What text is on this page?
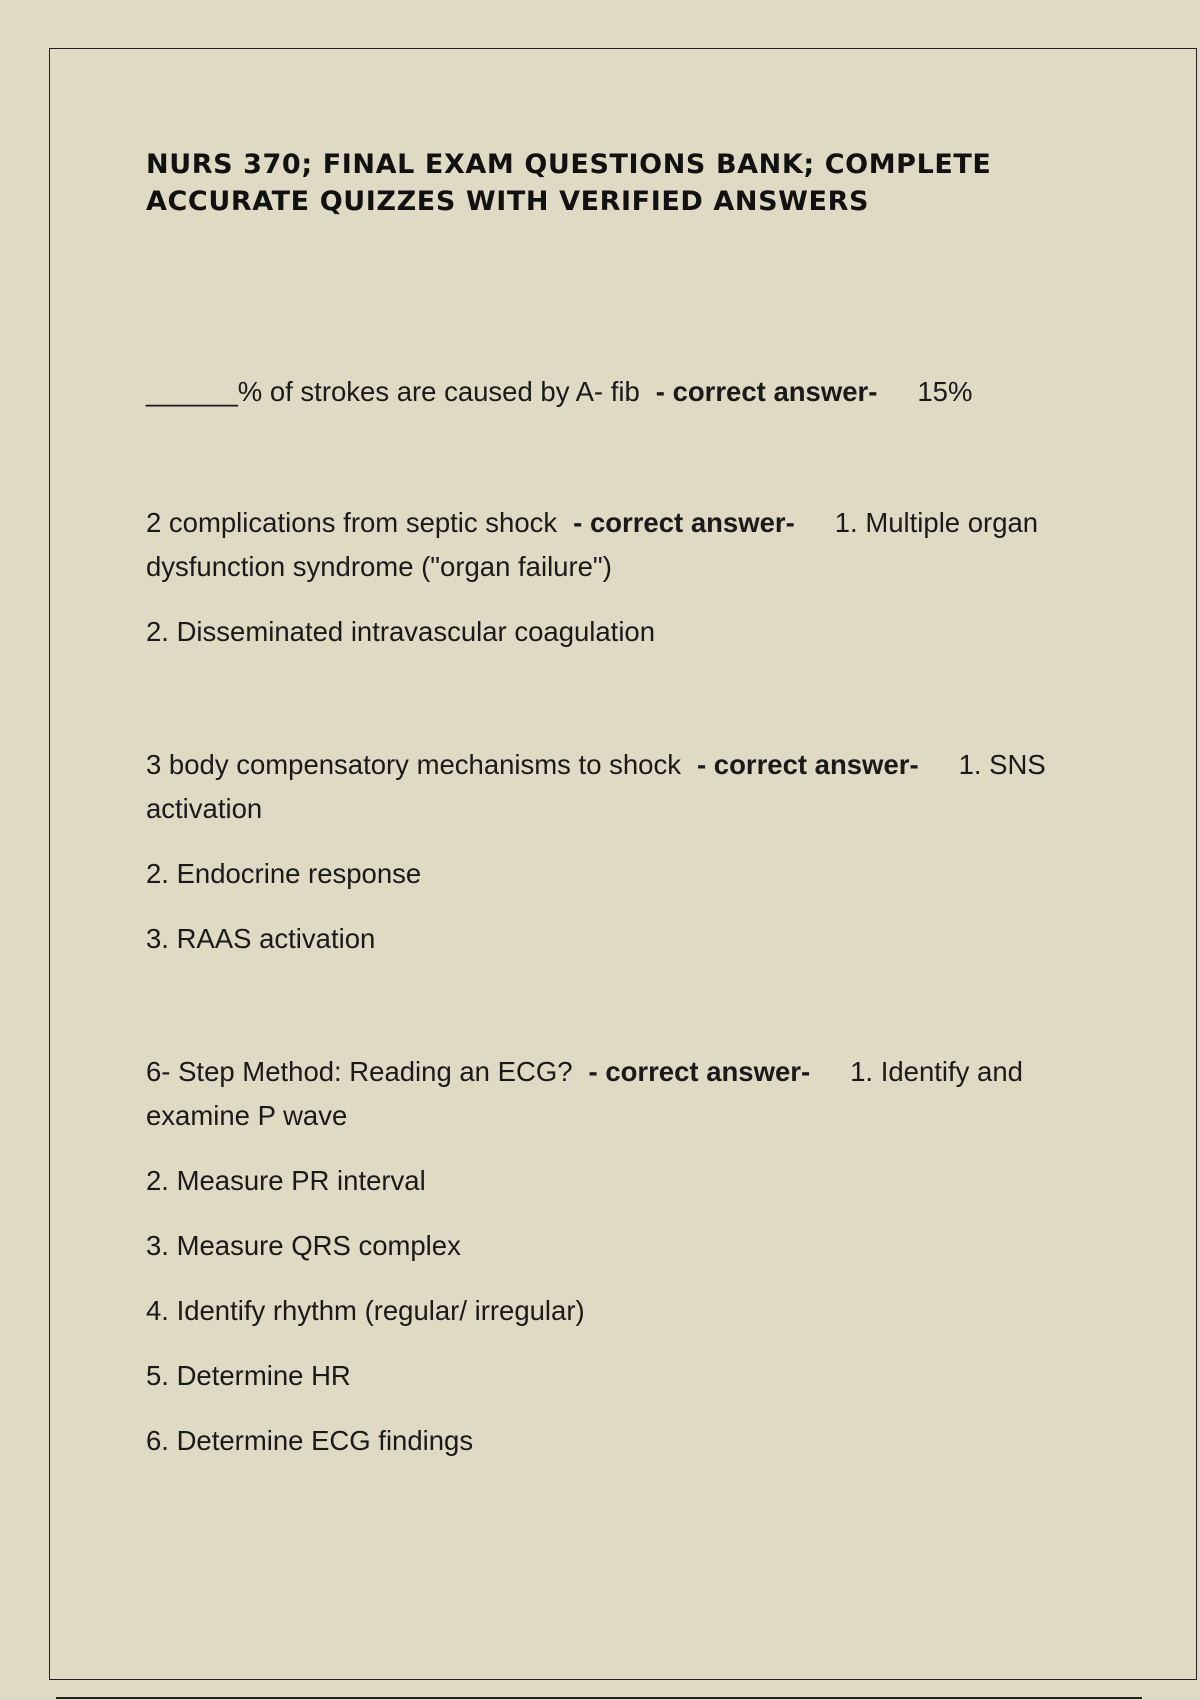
NURS 370; FINAL EXAM QUESTIONS BANK; COMPLETE ACCURATE QUIZZES WITH VERIFIED ANSWERS

______% of strokes are caused by A- fib - correct answer- 15%

2 complications from septic shock - correct answer- 1. Multiple organ dysfunction syndrome ("organ failure")

2. Disseminated intravascular coagulation

3 body compensatory mechanisms to shock - correct answer- 1. SNS activation

2. Endocrine response

3. RAAS activation

6- Step Method: Reading an ECG? - correct answer- 1. Identify and examine P wave

2. Measure PR interval

3. Measure QRS complex

4. Identify rhythm (regular/ irregular)

5. Determine HR

6. Determine ECG findings
